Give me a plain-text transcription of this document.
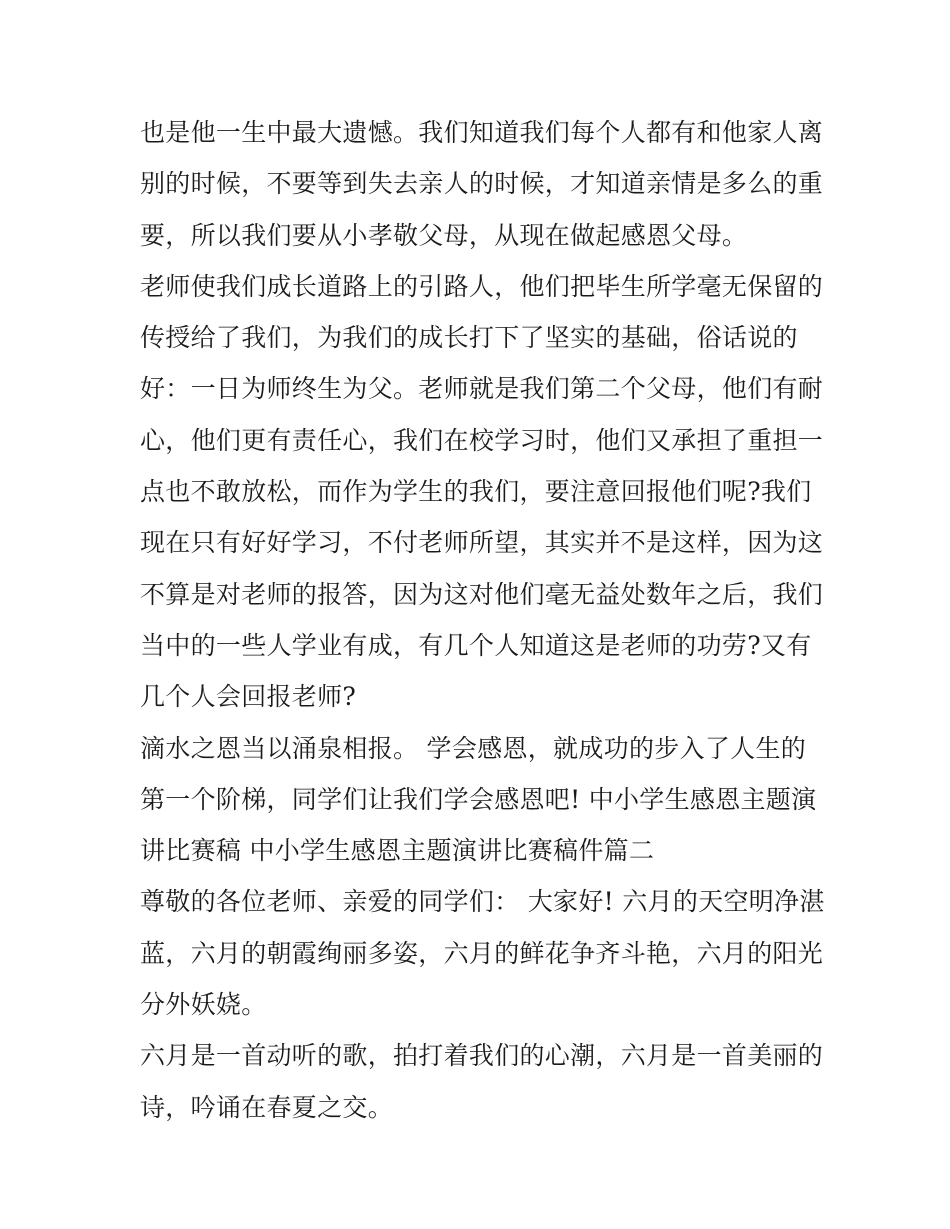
也是他一生中最大遗憾。我们知道我们每个人都有和他家人离
别的时候，不要等到失去亲人的时候，才知道亲情是多么的重
要，所以我们要从小孝敬父母，从现在做起感恩父母。
老师使我们成长道路上的引路人，他们把毕生所学毫无保留的
传授给了我们，为我们的成长打下了坚实的基础，俗话说的
好：一日为师终生为父。老师就是我们第二个父母，他们有耐
心，他们更有责任心，我们在校学习时，他们又承担了重担一
点也不敢放松，而作为学生的我们，要注意回报他们呢?我们
现在只有好好学习，不付老师所望，其实并不是这样，因为这
不算是对老师的报答，因为这对他们毫无益处数年之后，我们
当中的一些人学业有成，有几个人知道这是老师的功劳?又有
几个人会回报老师?
滴水之恩当以涌泉相报。 学会感恩，就成功的步入了人生的
第一个阶梯，同学们让我们学会感恩吧! 中小学生感恩主题演
讲比赛稿 中小学生感恩主题演讲比赛稿件篇二
尊敬的各位老师、亲爱的同学们： 大家好! 六月的天空明净湛
蓝，六月的朝霞绚丽多姿，六月的鲜花争齐斗艳，六月的阳光
分外妖娆。
六月是一首动听的歌，拍打着我们的心潮，六月是一首美丽的
诗，吟诵在春夏之交。
